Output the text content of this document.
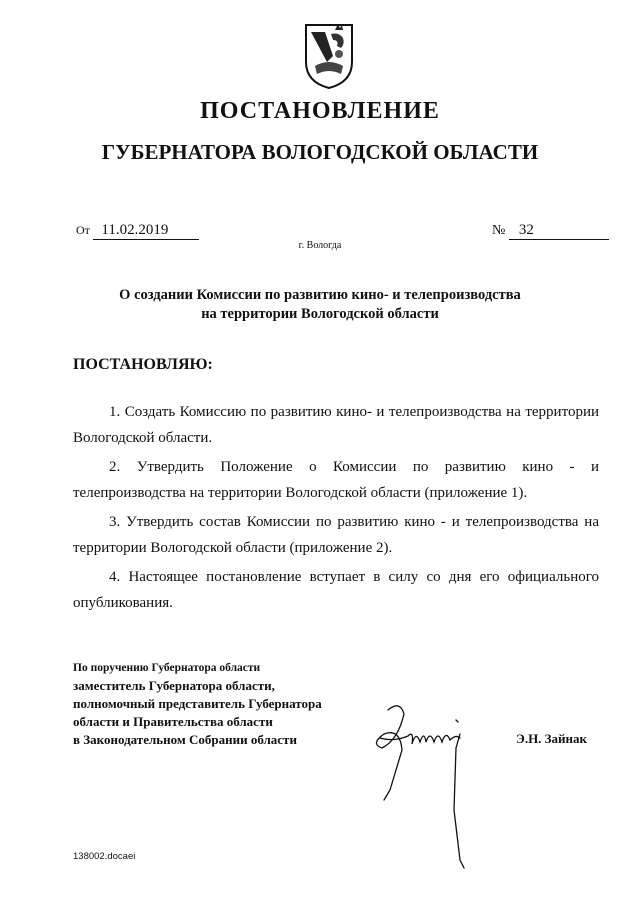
ПОСТАНОВЛЕНИЕ
ГУБЕРНАТОРА ВОЛОГОДСКОЙ ОБЛАСТИ
От 11.02.2019	№ 32
г. Вологда
О создании Комиссии по развитию кино- и телепроизводства
на территории Вологодской области
ПОСТАНОВЛЯЮ:

1. Создать Комиссию по развитию кино- и телепроизводства на территории Вологодской области.

2. Утвердить Положение о Комиссии по развитию кино - и телепроизводства на территории Вологодской области (приложение 1).

3. Утвердить состав Комиссии по развитию кино - и телепроизводства на территории Вологодской области (приложение 2).

4. Настоящее постановление вступает в силу со дня его официального опубликования.

По поручению Губернатора области
заместитель Губернатора области,
полномочный представитель Губернатора
области и Правительства области
в Законодательном Собрании области	Э.Н. Зайнак
138002.docaei
